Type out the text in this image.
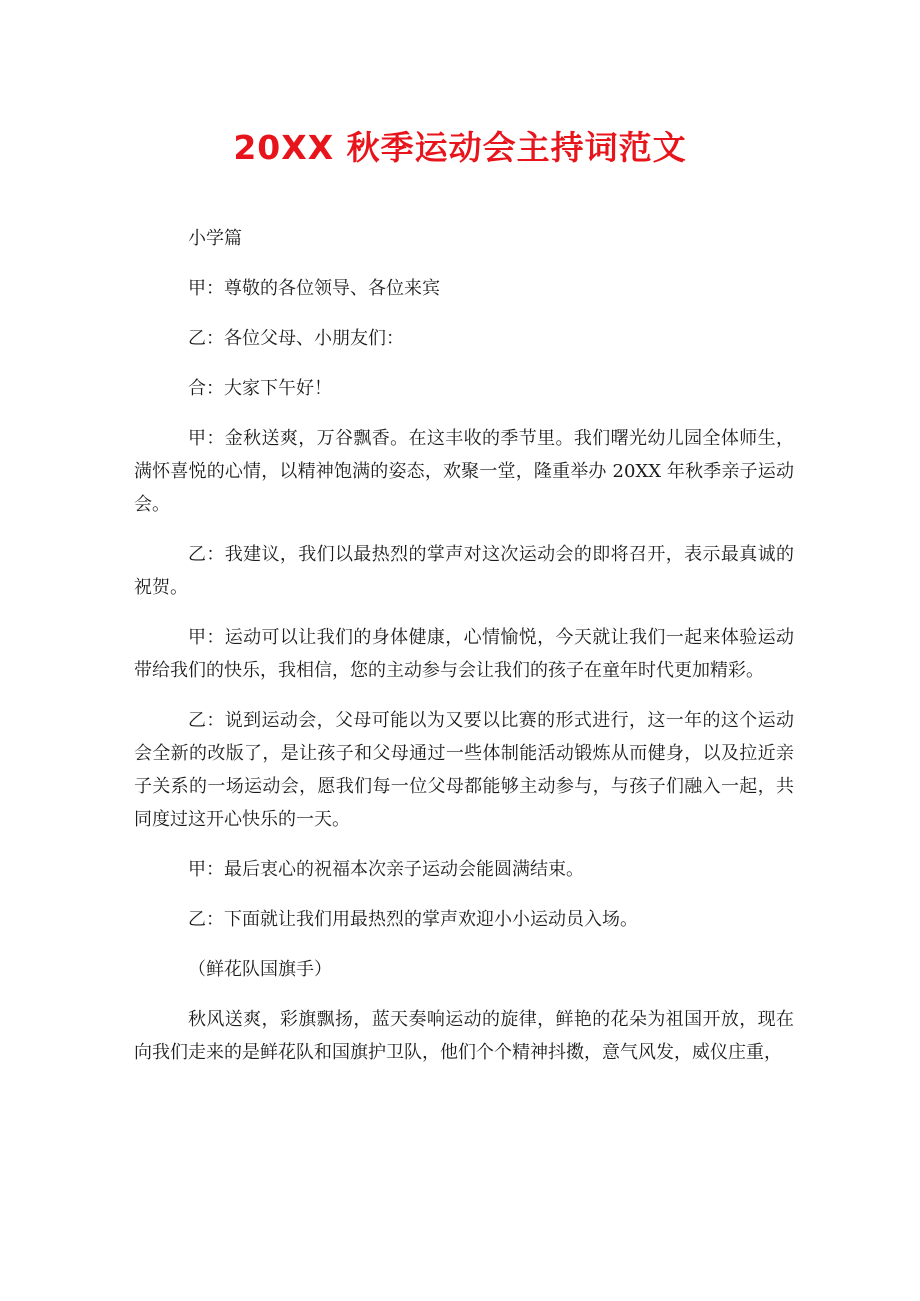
20XX 秋季运动会主持词范文

小学篇

甲：尊敬的各位领导、各位来宾

乙：各位父母、小朋友们：

合：大家下午好！

甲：金秋送爽，万谷飘香。在这丰收的季节里。我们曙光幼儿园全体师生，满怀喜悦的心情，以精神饱满的姿态，欢聚一堂，隆重举办 20XX 年秋季亲子运动会。

乙：我建议，我们以最热烈的掌声对这次运动会的即将召开，表示最真诚的祝贺。

甲：运动可以让我们的身体健康，心情愉悦，今天就让我们一起来体验运动带给我们的快乐，我相信，您的主动参与会让我们的孩子在童年时代更加精彩。

乙：说到运动会，父母可能以为又要以比赛的形式进行，这一年的这个运动会全新的改版了，是让孩子和父母通过一些体制能活动锻炼从而健身，以及拉近亲子关系的一场运动会，愿我们每一位父母都能够主动参与，与孩子们融入一起，共同度过这开心快乐的一天。

甲：最后衷心的祝福本次亲子运动会能圆满结束。

乙：下面就让我们用最热烈的掌声欢迎小小运动员入场。

（鲜花队国旗手）

秋风送爽，彩旗飘扬，蓝天奏响运动的旋律，鲜艳的花朵为祖国开放，现在向我们走来的是鲜花队和国旗护卫队，他们个个精神抖擞，意气风发，威仪庄重，
